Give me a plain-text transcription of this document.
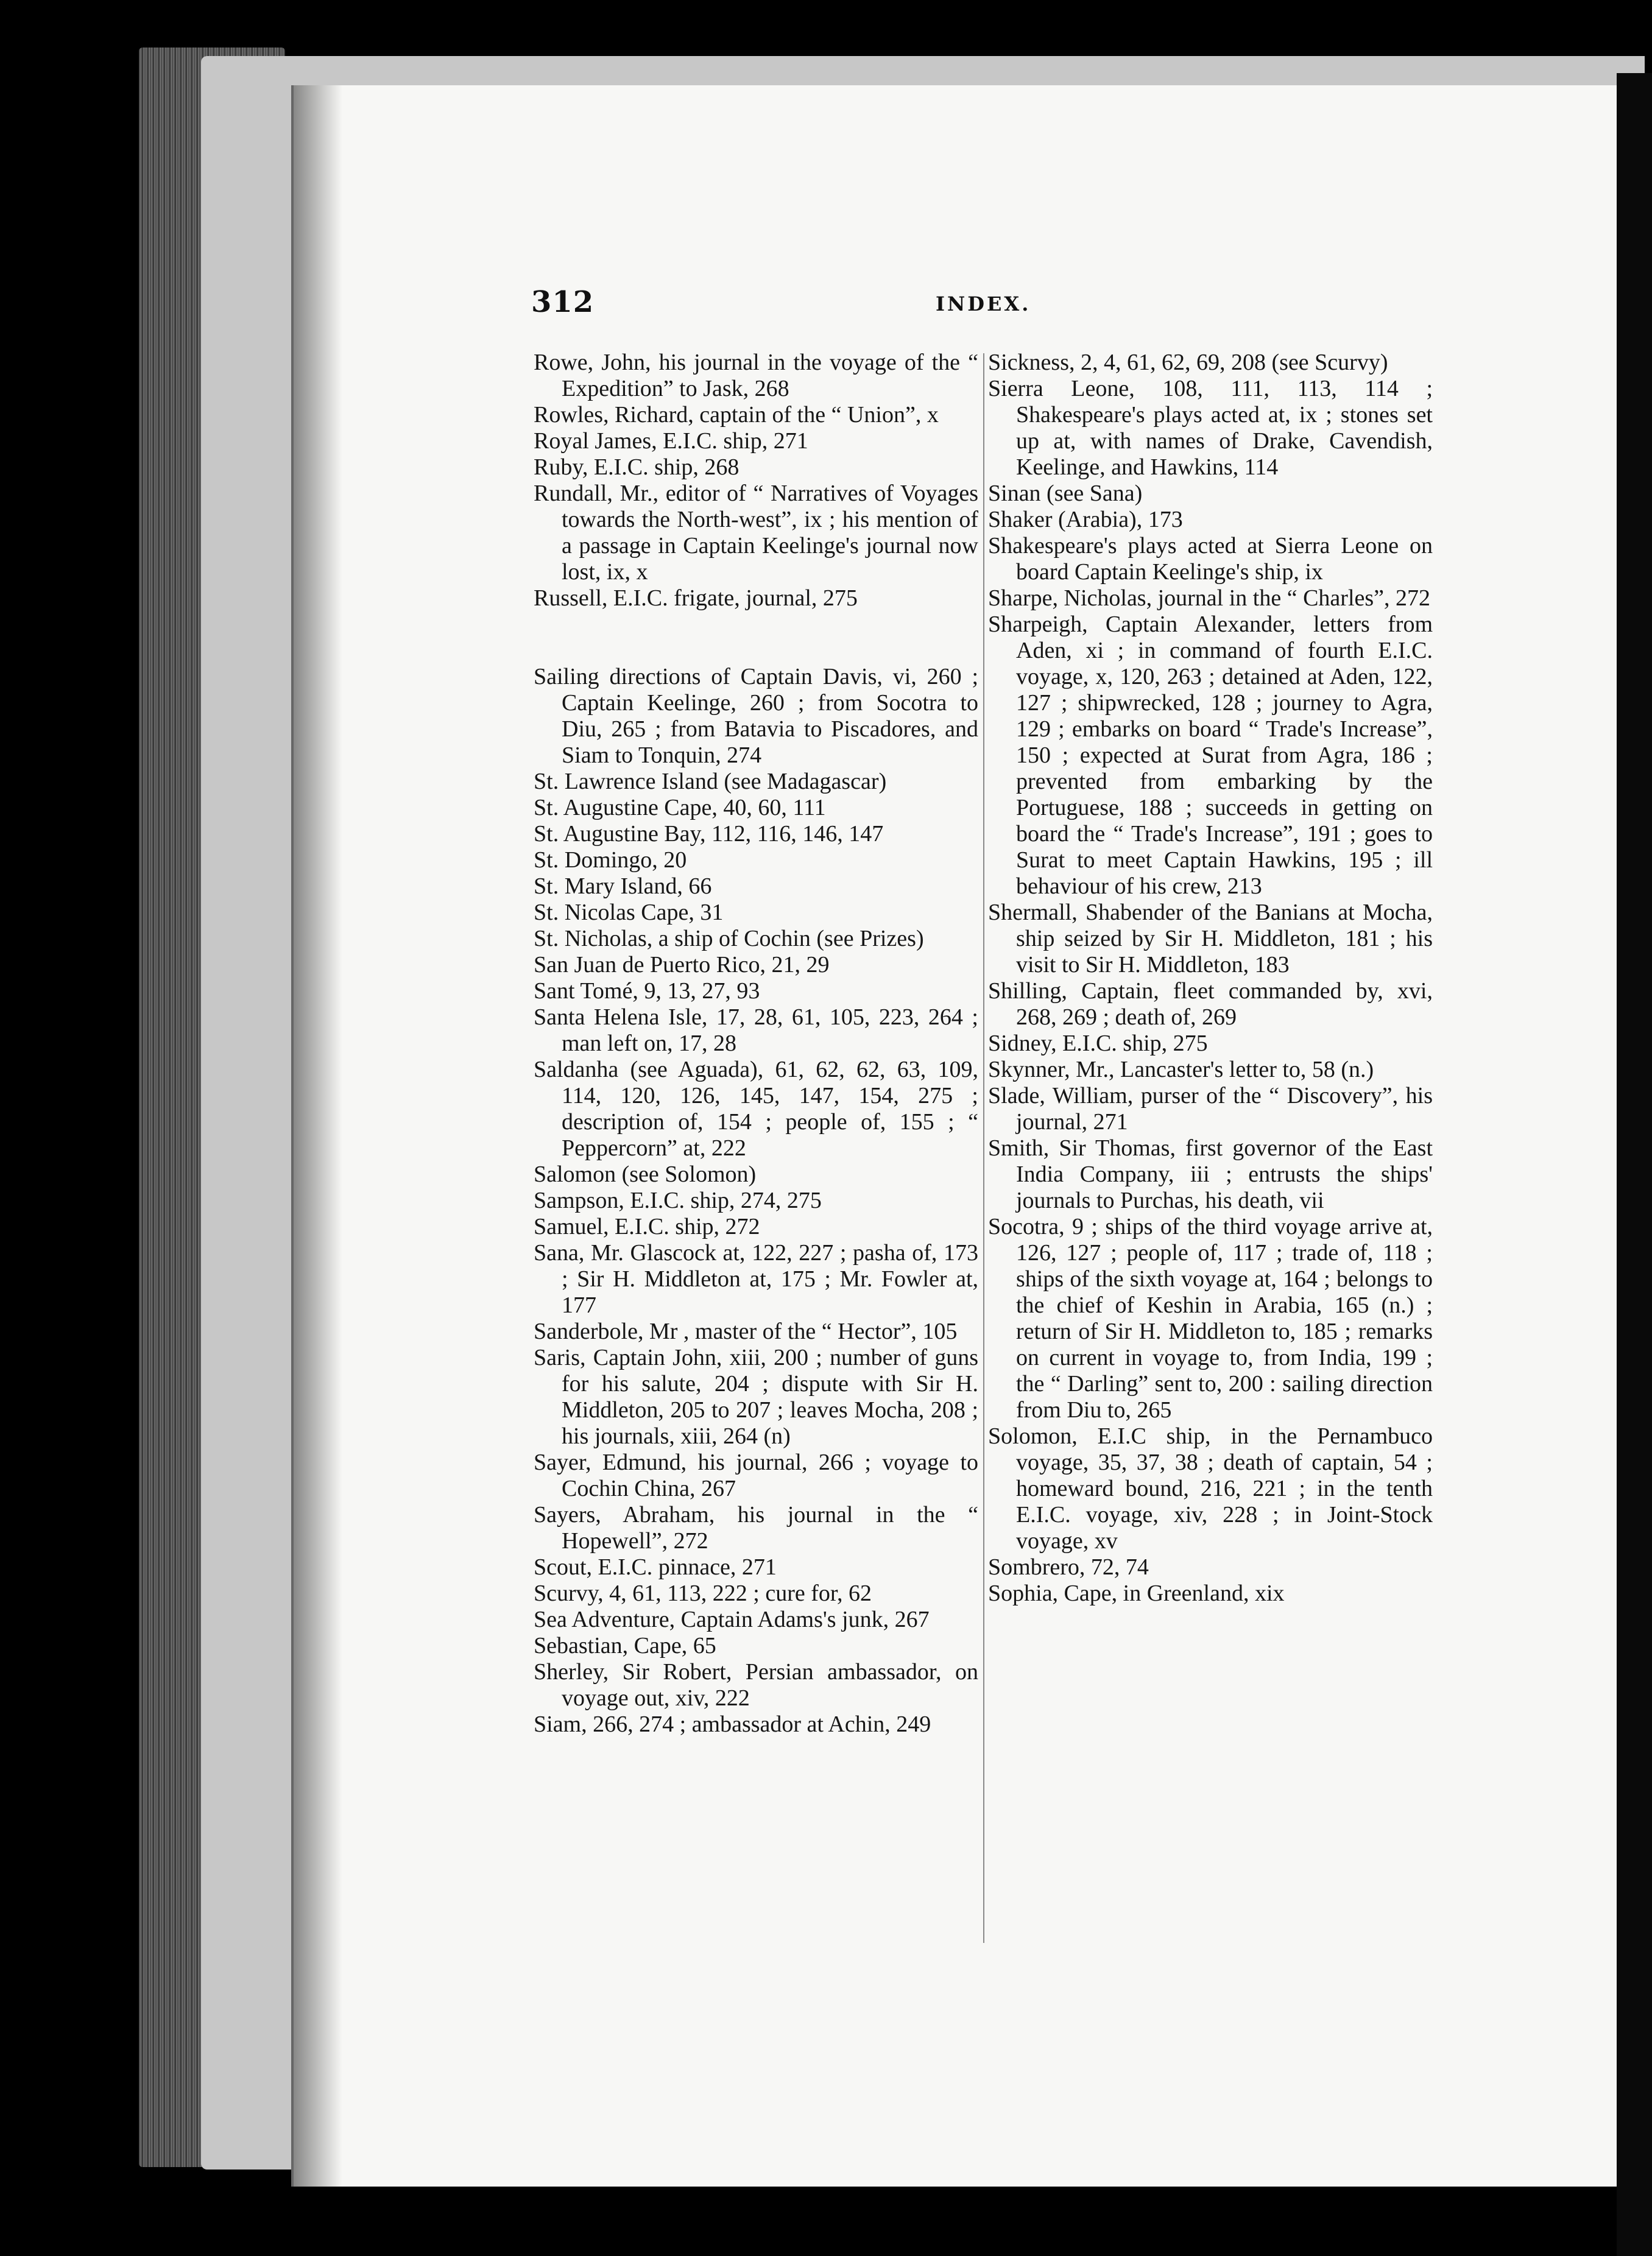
312	INDEX.

Rowe, John, his journal in the voyage of the “ Expedition” to Jask, 268

Rowles, Richard, captain of the “ Union”, x

Royal James, E.I.C. ship, 271

Ruby, E.I.C. ship, 268

Rundall, Mr., editor of “ Narratives of Voyages towards the North-west”, ix ; his mention of a passage in Captain Keelinge's journal now lost, ix, x

Russell, E.I.C. frigate, journal, 275

Sailing directions of Captain Davis, vi, 260 ; Captain Keelinge, 260 ; from Socotra to Diu, 265 ; from Batavia to Piscadores, and Siam to Tonquin, 274

St. Lawrence Island (see Madagascar)

St. Augustine Cape, 40, 60, 111

St. Augustine Bay, 112, 116, 146, 147

St. Domingo, 20

St. Mary Island, 66

St. Nicolas Cape, 31

St. Nicholas, a ship of Cochin (see Prizes)

San Juan de Puerto Rico, 21, 29

Sant Tomé, 9, 13, 27, 93

Santa Helena Isle, 17, 28, 61, 105, 223, 264 ; man left on, 17, 28

Saldanha (see Aguada), 61, 62, 62, 63, 109, 114, 120, 126, 145, 147, 154, 275 ; description of, 154 ; people of, 155 ; “ Peppercorn” at, 222

Salomon (see Solomon)

Sampson, E.I.C. ship, 274, 275

Samuel, E.I.C. ship, 272

Sana, Mr. Glascock at, 122, 227 ; pasha of, 173 ; Sir H. Middleton at, 175 ; Mr. Fowler at, 177

Sanderbole, Mr , master of the “ Hector”, 105

Saris, Captain John, xiii, 200 ; number of guns for his salute, 204 ; dispute with Sir H. Middleton, 205 to 207 ; leaves Mocha, 208 ; his journals, xiii, 264 (n)

Sayer, Edmund, his journal, 266 ; voyage to Cochin China, 267

Sayers, Abraham, his journal in the “ Hopewell”, 272

Scout, E.I.C. pinnace, 271

Scurvy, 4, 61, 113, 222 ; cure for, 62

Sea Adventure, Captain Adams's junk, 267

Sebastian, Cape, 65

Sherley, Sir Robert, Persian ambassador, on voyage out, xiv, 222

Siam, 266, 274 ; ambassador at Achin, 249

Sickness, 2, 4, 61, 62, 69, 208 (see Scurvy)

Sierra Leone, 108, 111, 113, 114 ; Shakespeare's plays acted at, ix ; stones set up at, with names of Drake, Cavendish, Keelinge, and Hawkins, 114

Sinan (see Sana)

Shaker (Arabia), 173

Shakespeare's plays acted at Sierra Leone on board Captain Keelinge's ship, ix

Sharpe, Nicholas, journal in the “ Charles”, 272

Sharpeigh, Captain Alexander, letters from Aden, xi ; in command of fourth E.I.C. voyage, x, 120, 263 ; detained at Aden, 122, 127 ; shipwrecked, 128 ; journey to Agra, 129 ; embarks on board “ Trade's Increase”, 150 ; expected at Surat from Agra, 186 ; prevented from embarking by the Portuguese, 188 ; succeeds in getting on board the “ Trade's Increase”, 191 ; goes to Surat to meet Captain Hawkins, 195 ; ill behaviour of his crew, 213

Shermall, Shabender of the Banians at Mocha, ship seized by Sir H. Middleton, 181 ; his visit to Sir H. Middleton, 183

Shilling, Captain, fleet commanded by, xvi, 268, 269 ; death of, 269

Sidney, E.I.C. ship, 275

Skynner, Mr., Lancaster's letter to, 58 (n.)

Slade, William, purser of the “ Discovery”, his journal, 271

Smith, Sir Thomas, first governor of the East India Company, iii ; entrusts the ships' journals to Purchas, his death, vii

Socotra, 9 ; ships of the third voyage arrive at, 126, 127 ; people of, 117 ; trade of, 118 ; ships of the sixth voyage at, 164 ; belongs to the chief of Keshin in Arabia, 165 (n.) ; return of Sir H. Middleton to, 185 ; remarks on current in voyage to, from India, 199 ; the “ Darling” sent to, 200 : sailing direction from Diu to, 265

Solomon, E.I.C ship, in the Pernambuco voyage, 35, 37, 38 ; death of captain, 54 ; homeward bound, 216, 221 ; in the tenth E.I.C. voyage, xiv, 228 ; in Joint-Stock voyage, xv

Sombrero, 72, 74

Sophia, Cape, in Greenland, xix
